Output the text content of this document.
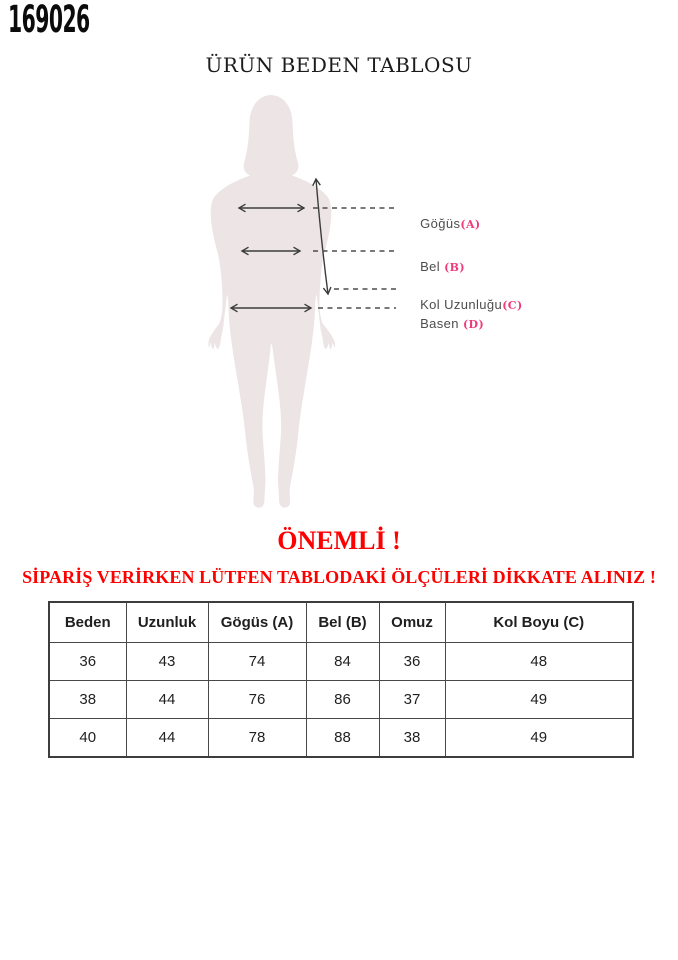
169026
ÜRÜN BEDEN TABLOSU

Göğüs(A)

Bel (B)

Kol Uzunluğu(C)

Basen (D)

ÖNEMLİ !
SİPARİŞ VERİRKEN LÜTFEN TABLODAKİ ÖLÇÜLERİ DİKKATE ALINIZ !
Beden	Uzunluk	Gögüs (A)	Bel (B)	Omuz	Kol Boyu (C)
36	43	74	84	36	48
38	44	76	86	37	49
40	44	78	88	38	49
